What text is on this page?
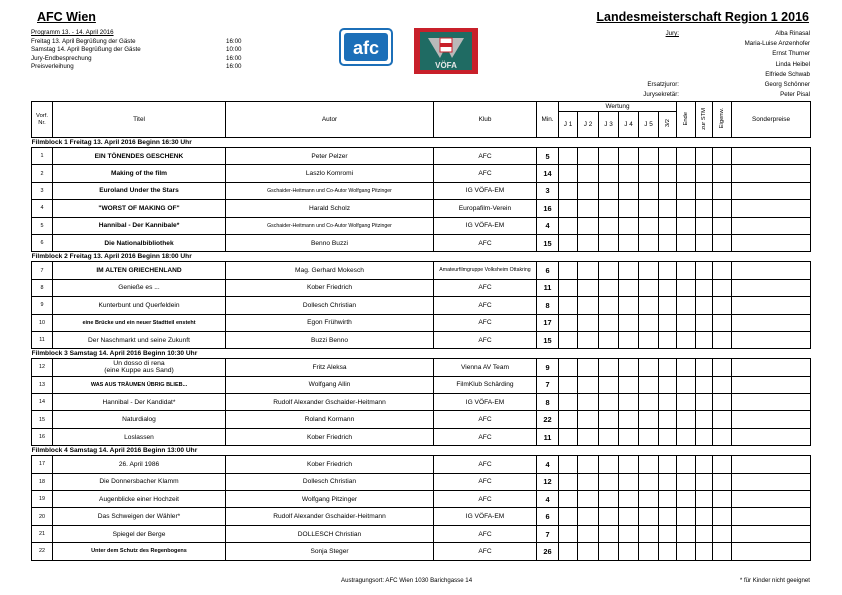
AFC Wien	Landesmeisterschaft Region 1 2016
Programm 13. - 14. April 2016
Freitag 13. April Begrüßung der Gäste	16:00
Samstag 14. April Begrüßung der Gäste	10:00
Jury-Endbesprechung	16:00
Preisverleihung	16:00
afc
VÖFA
Jury:	Alba Rinasal
Maria-Luise Anzenhofer
Ernst Thurner
Linda Heibel
Elfriede Schwab
Ersatzjuror:	Georg Schönner
Jurysekretär:	Peter Pisal
Vorf. Nr.	Titel	Autor	Klub	Min.	Wertung						Ende	zur STM	Eigenw.	Sonderpreise
					J 1	J 2	J 3	J 4	J 5	3/2				
Filmblock 1 Freitag 13. April 2016 Beginn 16:30 Uhr														
1	EIN TÖNENDES GESCHENK	Peter Pelzer	AFC	5										
2	Making of the film	Laszlo Komromi	AFC	14										
3	Euroland Under the Stars	Gschaider-Heitmann und Co-Autor Wolfgang Pitzinger	IG VÖFA-EM	3										
4	"WORST OF MAKING OF"	Harald Scholz	Europafilm-Verein	16										
5	Hannibal - Der Kannibale*	Gschaider-Heitmann und Co-Autor Wolfgang Pitzinger	IG VÖFA-EM	4										
6	Die Nationalbibliothek	Benno Buzzi	AFC	15										
Filmblock 2 Freitag 13. April 2016 Beginn 18:00 Uhr														
7	IM ALTEN GRIECHENLAND	Mag. Gerhard Mokesch	Amateurfilmgruppe Volksheim Ottakring	6										
8	Genieße es ...	Kober Friedrich	AFC	11										
9	Kunterbunt und Querfeldein	Dollesch Christian	AFC	8										
10	eine Brücke und ein neuer Stadtteil ensteht	Egon Frühwirth	AFC	17										
11	Der Naschmarkt und seine Zukunft	Buzzi Benno	AFC	15										
Filmblock 3 Samstag 14. April 2016 Beginn 10:30 Uhr														
12	Un dosso di rena
(eine Kuppe aus Sand)	Fritz Aleksa	Vienna AV Team	9										
13	WAS AUS TRÄUMEN ÜBRIG BLIEB...	Wolfgang Allin	FilmKlub Schärding	7										
14	Hannibal - Der Kandidat*	Rudolf Alexander Gschaider-Heitmann	IG VÖFA-EM	8										
15	Naturdialog	Roland Kormann	AFC	22										
16	Loslassen	Kober Friedrich	AFC	11										
Filmblock 4 Samstag 14. April 2016 Beginn 13:00 Uhr														
17	26. April 1986	Kober Friedrich	AFC	4										
18	Die Donnersbacher Klamm	Dollesch Christian	AFC	12										
19	Augenblicke einer Hochzeit	Wolfgang Pitzinger	AFC	4										
20	Das Schweigen der Wähler*	Rudolf Alexander Gschaider-Heitmann	IG VÖFA-EM	6										
21	Spiegel der Berge	DOLLESCH Christian	AFC	7										
22	Unter dem Schutz des Regenbogens	Sonja Steger	AFC	26										
Austragungsort: AFC Wien 1030 Barichgasse 14	* für Kinder nicht geeignet
